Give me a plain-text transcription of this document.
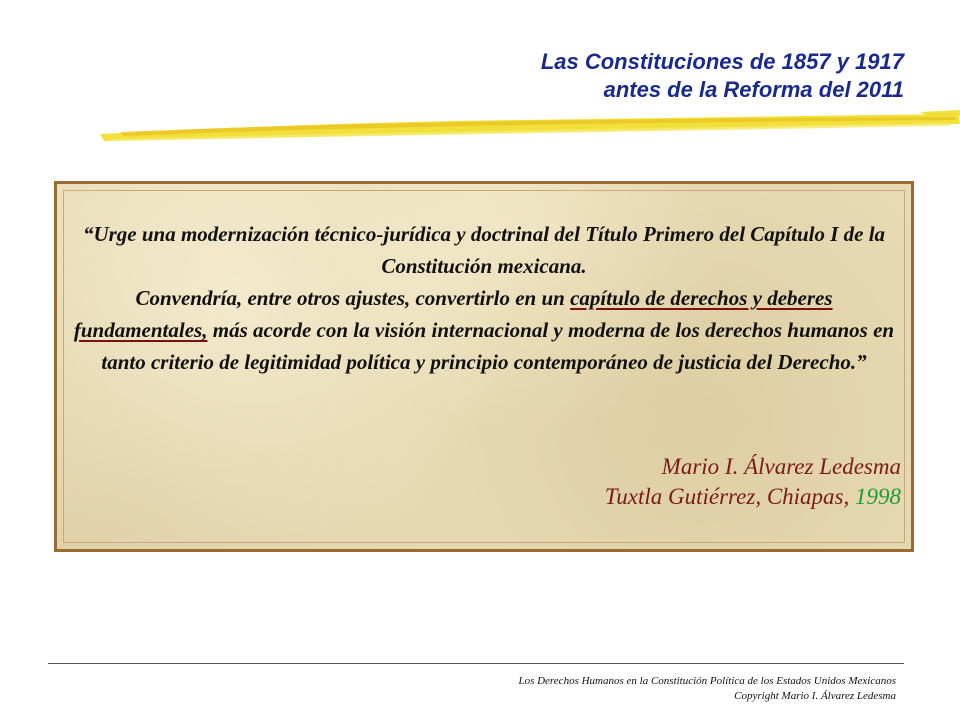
Las Constituciones de 1857 y 1917
antes de la Reforma del 2011

“Urge una modernización técnico-jurídica y doctrinal del Título Primero del Capítulo I de la Constitución mexicana.

Convendría, entre otros ajustes, convertirlo en un capítulo de derechos y deberes fundamentales, más acorde con la visión internacional y moderna de los derechos humanos en tanto criterio de legitimidad política y principio contemporáneo de justicia del Derecho.”

Mario I. Álvarez Ledesma
Tuxtla Gutiérrez, Chiapas, 1998
Los Derechos Humanos en la Constitución Política de los Estados Unidos Mexicanos
Copyright Mario I. Álvarez Ledesma
